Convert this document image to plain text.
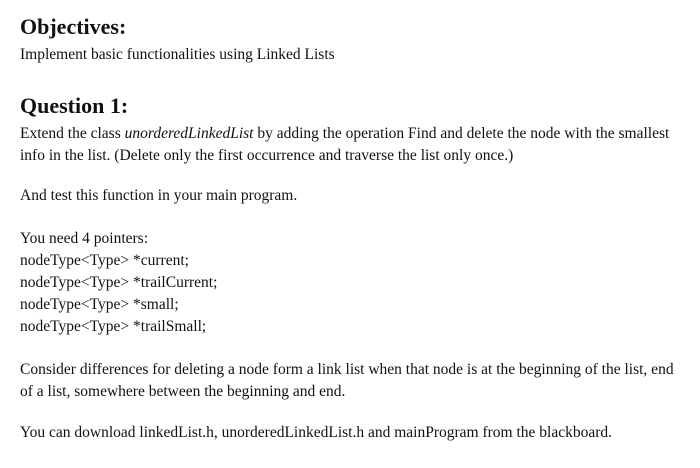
Objectives:

Implement basic functionalities using Linked Lists

Question 1:

Extend the class unorderedLinkedList by adding the operation Find and delete the node with the smallest info in the list. (Delete only the first occurrence and traverse the list only once.)

And test this function in your main program.

You need 4 pointers:

nodeType<Type> *current;

nodeType<Type> *trailCurrent;

nodeType<Type> *small;

nodeType<Type> *trailSmall;

Consider differences for deleting a node form a link list when that node is at the beginning of the list, end of a list, somewhere between the beginning and end.

You can download linkedList.h, unorderedLinkedList.h and mainProgram from the blackboard.
